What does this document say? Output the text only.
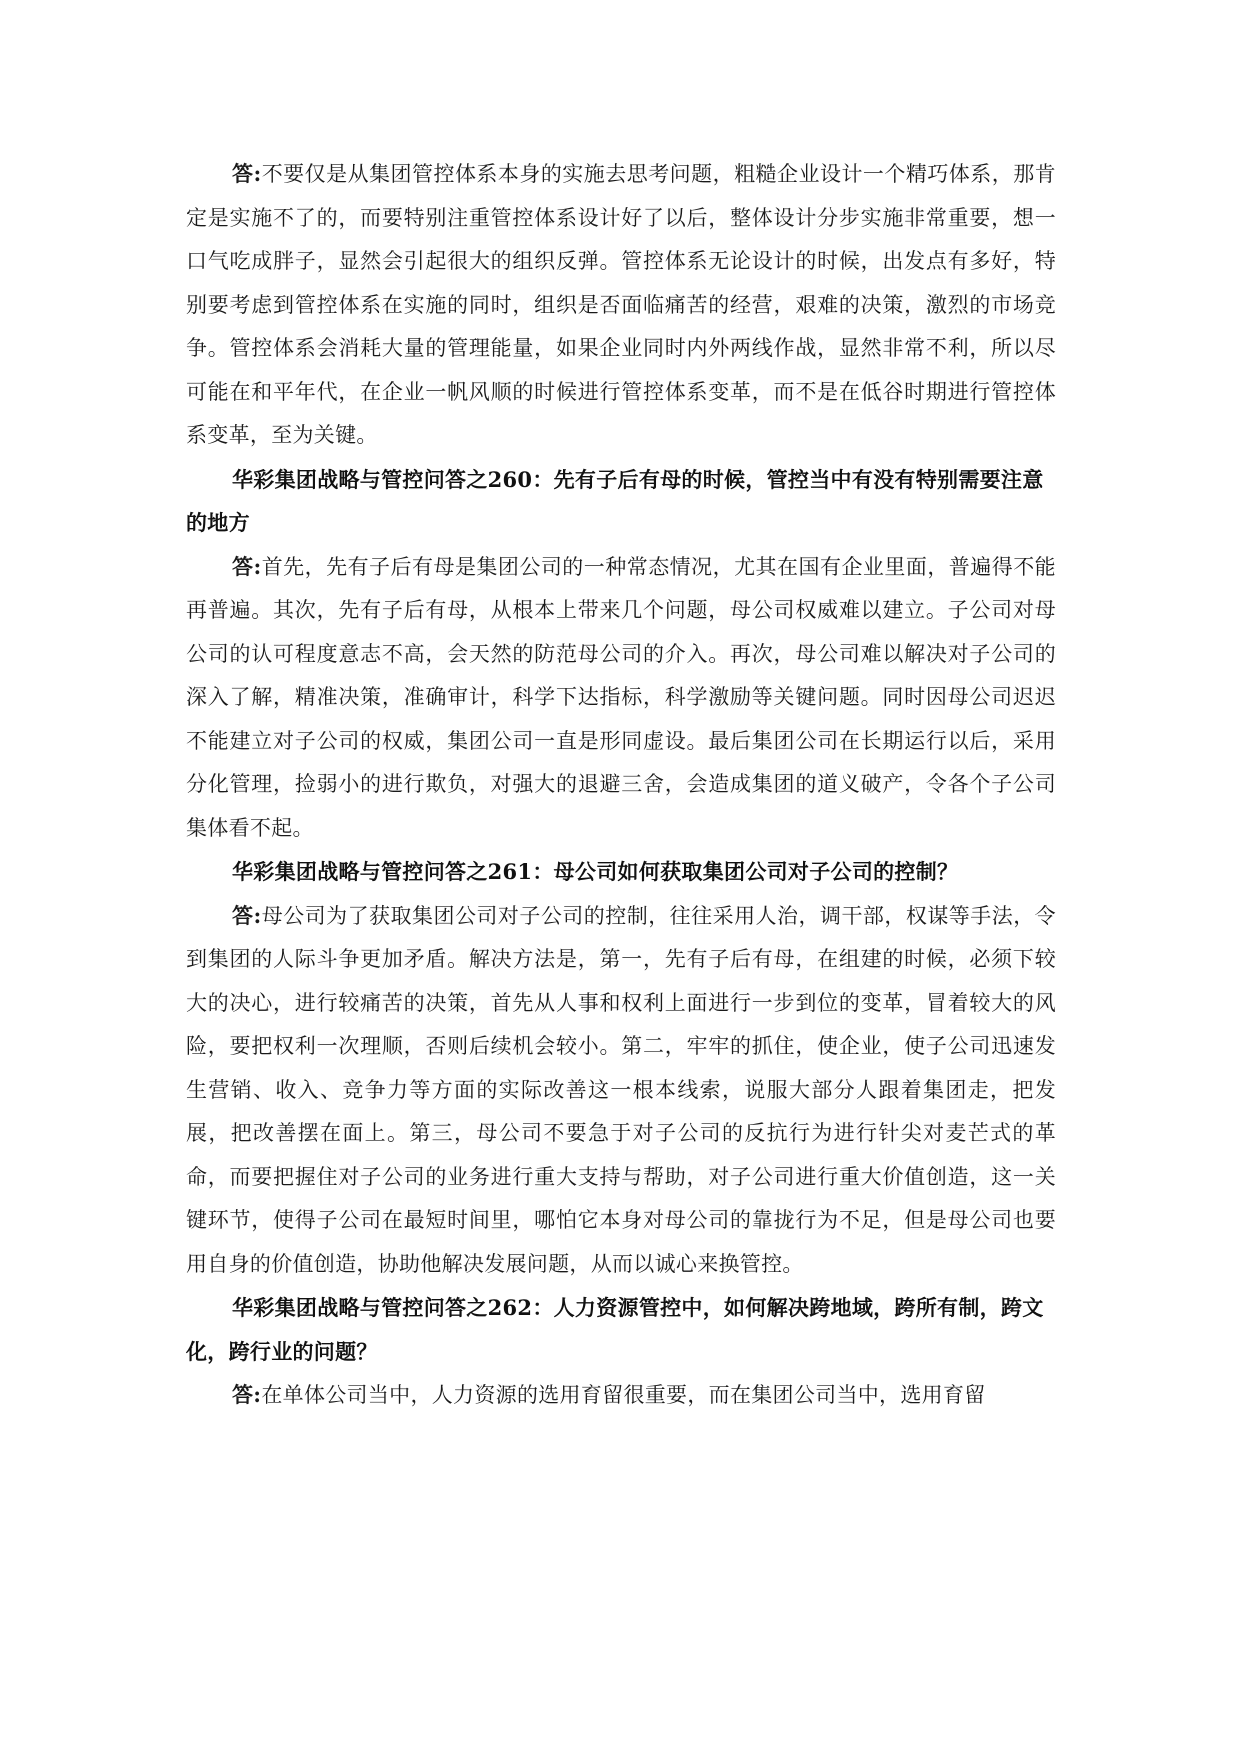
答:不要仅是从集团管控体系本身的实施去思考问题，粗糙企业设计一个精巧体系，那肯定是实施不了的，而要特别注重管控体系设计好了以后，整体设计分步实施非常重要，想一口气吃成胖子，显然会引起很大的组织反弹。管控体系无论设计的时候，出发点有多好，特别要考虑到管控体系在实施的同时，组织是否面临痛苦的经营，艰难的决策，激烈的市场竞争。管控体系会消耗大量的管理能量，如果企业同时内外两线作战，显然非常不利，所以尽可能在和平年代，在企业一帆风顺的时候进行管控体系变革，而不是在低谷时期进行管控体系变革，至为关键。

华彩集团战略与管控问答之260：先有子后有母的时候，管控当中有没有特别需要注意的地方

答:首先，先有子后有母是集团公司的一种常态情况，尤其在国有企业里面，普遍得不能再普遍。其次，先有子后有母，从根本上带来几个问题，母公司权威难以建立。子公司对母公司的认可程度意志不高，会天然的防范母公司的介入。再次，母公司难以解决对子公司的深入了解，精准决策，准确审计，科学下达指标，科学激励等关键问题。同时因母公司迟迟不能建立对子公司的权威，集团公司一直是形同虚设。最后集团公司在长期运行以后，采用分化管理，捡弱小的进行欺负，对强大的退避三舍，会造成集团的道义破产，令各个子公司集体看不起。

华彩集团战略与管控问答之261：母公司如何获取集团公司对子公司的控制？

答:母公司为了获取集团公司对子公司的控制，往往采用人治，调干部，权谋等手法，令到集团的人际斗争更加矛盾。解决方法是，第一，先有子后有母，在组建的时候，必须下较大的决心，进行较痛苦的决策，首先从人事和权利上面进行一步到位的变革，冒着较大的风险，要把权利一次理顺，否则后续机会较小。第二，牢牢的抓住，使企业，使子公司迅速发生营销、收入、竞争力等方面的实际改善这一根本线索，说服大部分人跟着集团走，把发展，把改善摆在面上。第三，母公司不要急于对子公司的反抗行为进行针尖对麦芒式的革命，而要把握住对子公司的业务进行重大支持与帮助，对子公司进行重大价值创造，这一关键环节，使得子公司在最短时间里，哪怕它本身对母公司的靠拢行为不足，但是母公司也要用自身的价值创造，协助他解决发展问题，从而以诚心来换管控。

华彩集团战略与管控问答之262：人力资源管控中，如何解决跨地域，跨所有制，跨文化，跨行业的问题？

答:在单体公司当中，人力资源的选用育留很重要，而在集团公司当中，选用育留
